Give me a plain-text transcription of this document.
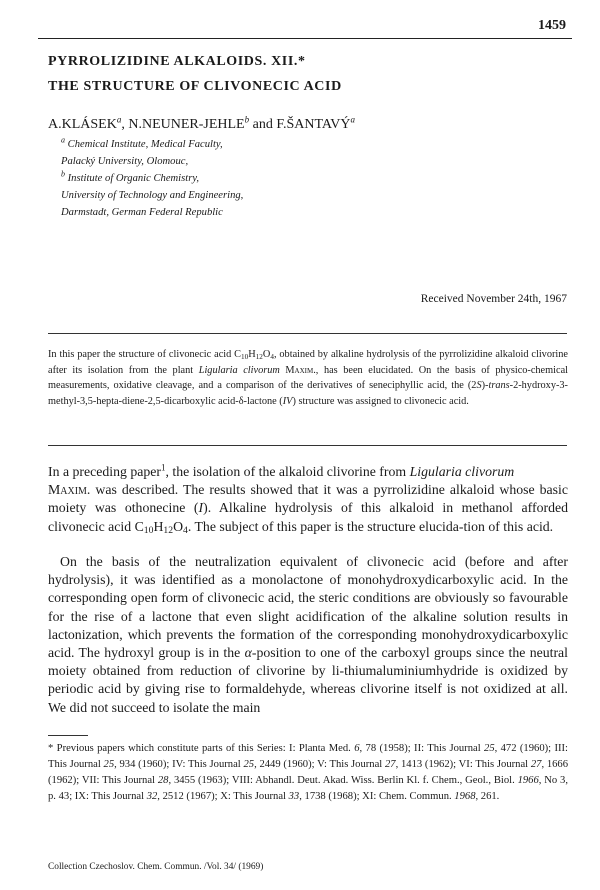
1459
PYRROLIZIDINE ALKALOIDS. XII.*
THE STRUCTURE OF CLIVONECIC ACID
A.KLÁSEK$^a$, N.NEUNER-JEHLE$^b$ and F.ŠANTAVÝ$^a$
$^a$ Chemical Institute, Medical Faculty,
Palacký University, Olomouc,
$^b$ Institute of Organic Chemistry,
University of Technology and Engineering,
Darmstadt, German Federal Republic
Received November 24th, 1967

In this paper the structure of clivonecic acid $C_{10}H_{12}O_4$, obtained by alkaline hydrolysis of the pyrrolizidine alkaloid clivorine after its isolation from the plant Ligularia clivorum Maxim., has been elucidated. On the basis of physico-chemical measurements, oxidative cleavage, and a comparison of the derivatives of seneciphyllic acid, the (2S)-trans-2-hydroxy-3-methyl-3,5-hepta-diene-2,5-dicarboxylic acid-δ-lactone (IV) structure was assigned to clivonecic acid.

In a preceding paper$^1$, the isolation of the alkaloid clivorine from Ligularia clivorum
Maxim. was described. The results showed that it was a pyrrolizidine alkaloid whose basic moiety was othonecine (I). Alkaline hydrolysis of this alkaloid in methanol afforded clivonecic acid $C_{10}H_{12}O_4$. The subject of this paper is the structure elucida-tion of this acid.

On the basis of the neutralization equivalent of clivonecic acid (before and after hydrolysis), it was identified as a monolactone of monohydroxydicarboxylic acid. In the corresponding open form of clivonecic acid, the steric conditions are obviously so favourable for the rise of a lactone that even slight acidification of the alkaline solution results in lactonization, which prevents the formation of the corresponding monohydroxydicarboxylic acid. The hydroxyl group is in the α-position to one of the carboxyl groups since the neutral moiety obtained from reduction of clivorine by li-thiumaluminiumhydride is oxidized by periodic acid by giving rise to formaldehyde, whereas clivorine itself is not oxidized at all. We did not succeed to isolate the main

* Previous papers which constitute parts of this Series: I: Planta Med. 6, 78 (1958); II: This Journal 25, 472 (1960); III: This Journal 25, 934 (1960); IV: This Journal 25, 2449 (1960); V: This Journal 27, 1413 (1962); VI: This Journal 27, 1666 (1962); VII: This Journal 28, 3455 (1963); VIII: Abhandl. Deut. Akad. Wiss. Berlin Kl. f. Chem., Geol., Biol. 1966, No 3, p. 43; IX: This Journal 32, 2512 (1967); X: This Journal 33, 1738 (1968); XI: Chem. Commun. 1968, 261.

Collection Czechoslov. Chem. Commun. /Vol. 34/ (1969)
